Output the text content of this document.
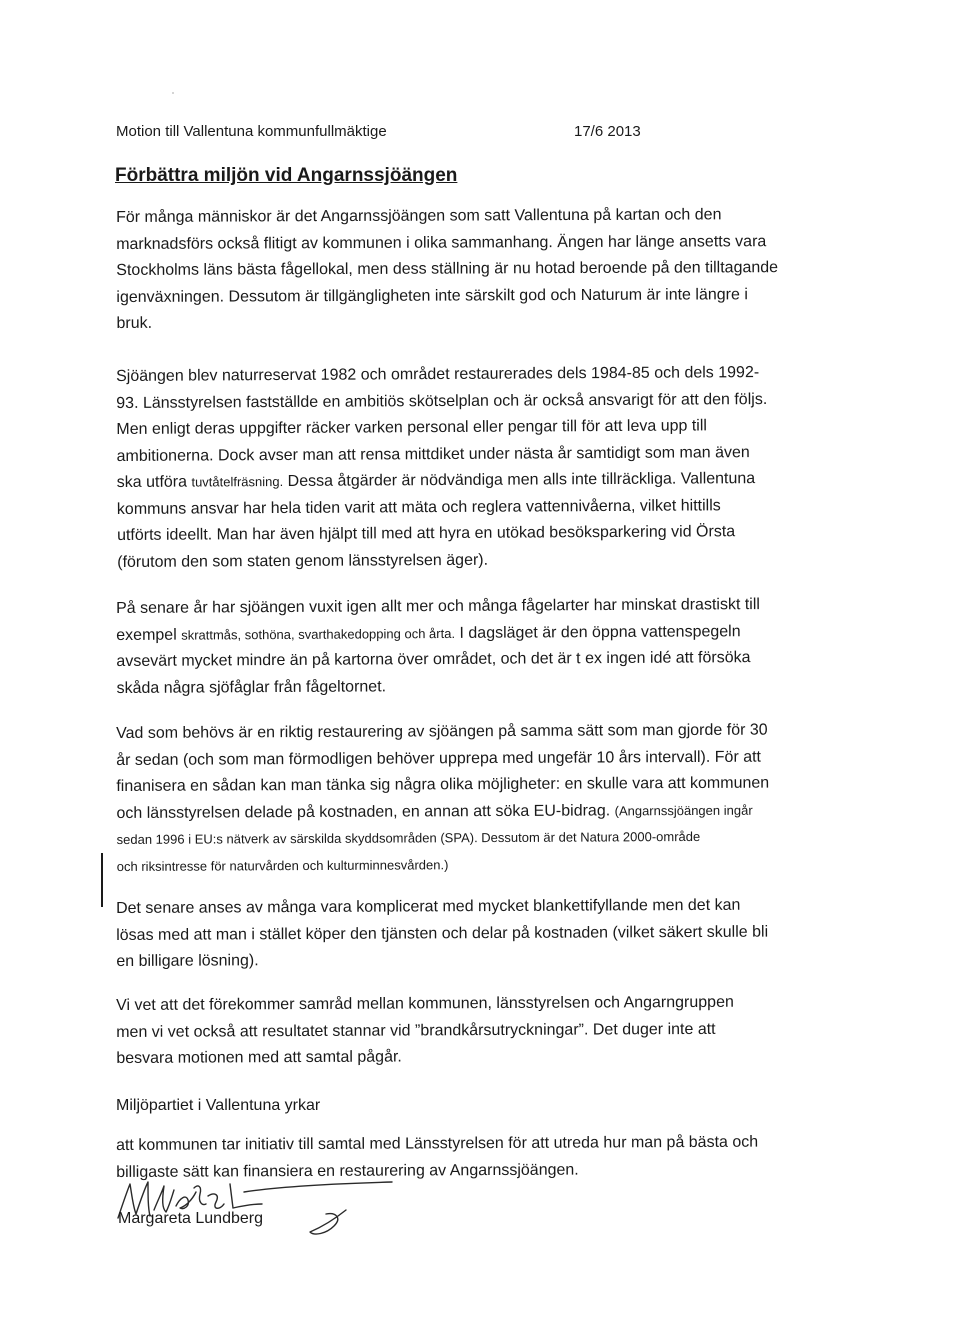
Motion till Vallentuna kommunfullmäktige	17/6 2013
Förbättra miljön vid Angarnssjöängen
För många människor är det Angarnssjöängen som satt Vallentuna på kartan och den
marknadsförs också flitigt av kommunen i olika sammanhang. Ängen har länge ansetts vara
Stockholms läns bästa fågellokal, men dess ställning är nu hotad beroende på den tilltagande
igenväxningen. Dessutom är tillgängligheten inte särskilt god och Naturum är inte längre i
bruk.
Sjöängen blev naturreservat 1982 och området restaurerades dels 1984-85 och dels 1992-
93. Länsstyrelsen fastställde en ambitiös skötselplan och är också ansvarigt för att den följs.
Men enligt deras uppgifter räcker varken personal eller pengar till för att leva upp till
ambitionerna. Dock avser man att rensa mittdiket under nästa år samtidigt som man även
ska utföra tuvtåtelfräsning. Dessa åtgärder är nödvändiga men alls inte tillräckliga. Vallentuna
kommuns ansvar har hela tiden varit att mäta och reglera vattennivåerna, vilket hittills
utförts ideellt. Man har även hjälpt till med att hyra en utökad besöksparkering vid Örsta
(förutom den som staten genom länsstyrelsen äger).
På senare år har sjöängen vuxit igen allt mer och många fågelarter har minskat drastiskt till
exempel skrattmås, sothöna, svarthakedopping och årta. I dagsläget är den öppna vattenspegeln
avsevärt mycket mindre än på kartorna över området, och det är t ex ingen idé att försöka
skåda några sjöfåglar från fågeltornet.
Vad som behövs är en riktig restaurering av sjöängen på samma sätt som man gjorde för 30
år sedan (och som man förmodligen behöver upprepa med ungefär 10 års intervall). För att
finanisera en sådan kan man tänka sig några olika möjligheter: en skulle vara att kommunen
och länsstyrelsen delade på kostnaden, en annan att söka EU-bidrag. (Angarnssjöängen ingår
sedan 1996 i EU:s nätverk av särskilda skyddsområden (SPA). Dessutom är det Natura 2000-område
och riksintresse för naturvården och kulturminnesvården.)
Det senare anses av många vara komplicerat med mycket blankettifyllande men det kan
lösas med att man i stället köper den tjänsten och delar på kostnaden (vilket säkert skulle bli
en billigare lösning).
Vi vet att det förekommer samråd mellan kommunen, länsstyrelsen och Angarngruppen
men vi vet också att resultatet stannar vid ”brandkårsutryckningar”. Det duger inte att
besvara motionen med att samtal pågår.
Miljöpartiet i Vallentuna yrkar
att kommunen tar initiativ till samtal med Länsstyrelsen för att utreda hur man på bästa och
billigaste sätt kan finansiera en restaurering av Angarnssjöängen.
Margareta Lundberg
